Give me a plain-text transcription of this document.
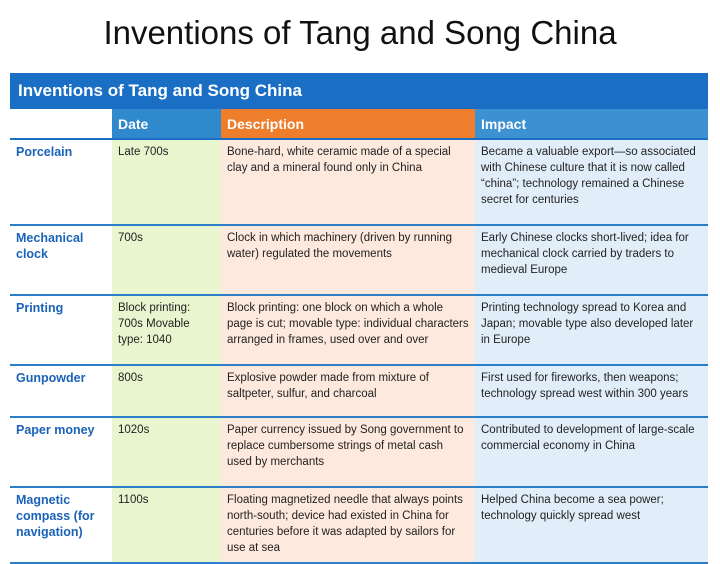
Inventions of Tang and Song China
Inventions of Tang and Song China
	Date	Description	Impact
Porcelain	Late 700s	Bone-hard, white ceramic made of a special clay and a mineral found only in China	Became a valuable export—so associated with Chinese culture that it is now called “china”; technology remained a Chinese secret for centuries
Mechanical clock	700s	Clock in which machinery (driven by running water) regulated the movements	Early Chinese clocks short-lived; idea for mechanical clock carried by traders to medieval Europe
Printing	Block printing: 700s Movable type: 1040	Block printing: one block on which a whole page is cut; movable type: individual characters arranged in frames, used over and over	Printing technology spread to Korea and Japan; movable type also developed later in Europe
Gunpowder	800s	Explosive powder made from mixture of saltpeter, sulfur, and charcoal	First used for fireworks, then weapons; technology spread west within 300 years
Paper money	1020s	Paper currency issued by Song government to replace cumbersome strings of metal cash used by merchants	Contributed to development of large-scale commercial economy in China
Magnetic compass (for navigation)	1100s	Floating magnetized needle that always points north-south; device had existed in China for centuries before it was adapted by sailors for use at sea	Helped China become a sea power; technology quickly spread west
